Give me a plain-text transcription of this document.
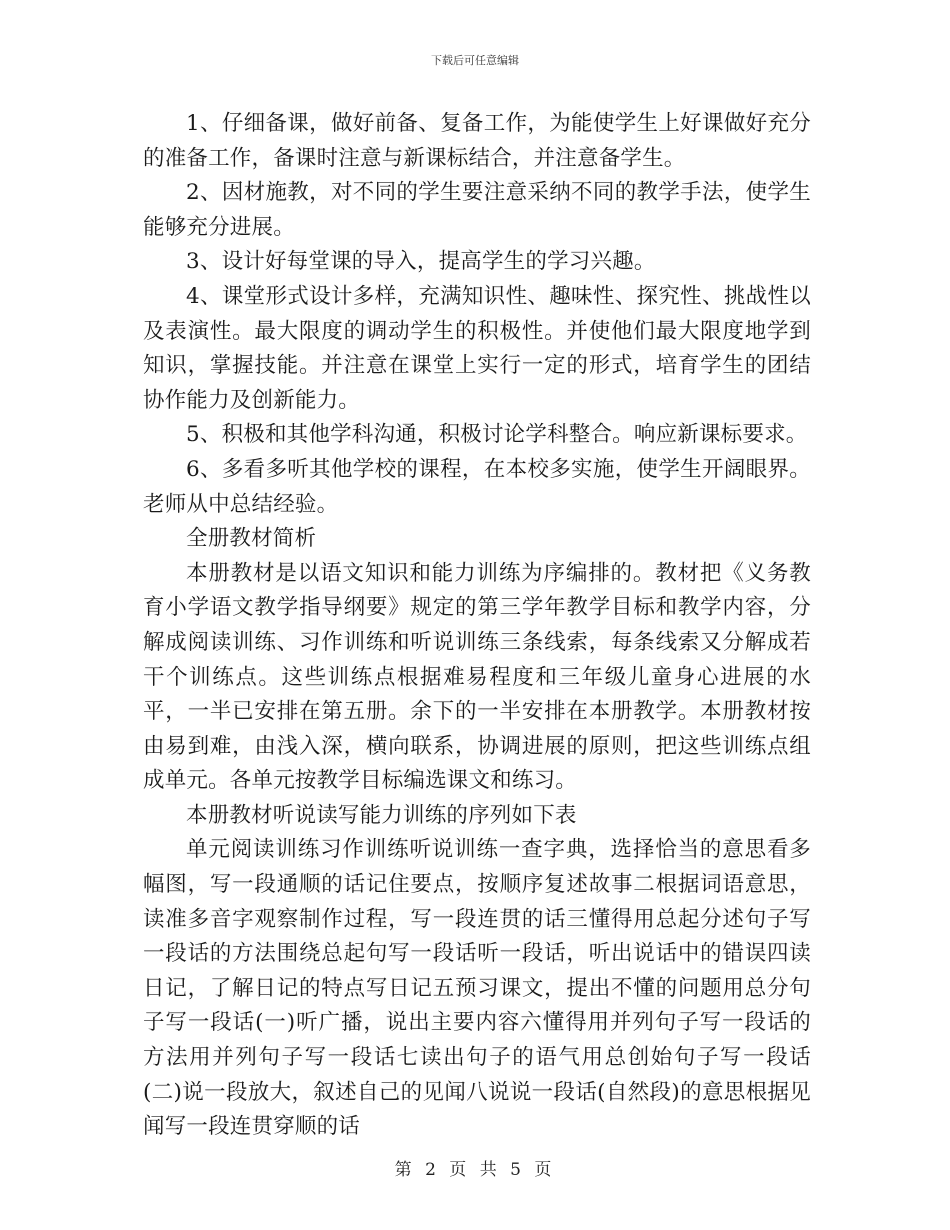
下载后可任意编辑

1、仔细备课，做好前备、复备工作，为能使学生上好课做好充分的准备工作，备课时注意与新课标结合，并注意备学生。

2、因材施教，对不同的学生要注意采纳不同的教学手法，使学生能够充分进展。

3、设计好每堂课的导入，提高学生的学习兴趣。

4、课堂形式设计多样，充满知识性、趣味性、探究性、挑战性以及表演性。最大限度的调动学生的积极性。并使他们最大限度地学到知识，掌握技能。并注意在课堂上实行一定的形式，培育学生的团结协作能力及创新能力。

5、积极和其他学科沟通，积极讨论学科整合。响应新课标要求。

6、多看多听其他学校的课程，在本校多实施，使学生开阔眼界。老师从中总结经验。

全册教材简析

本册教材是以语文知识和能力训练为序编排的。教材把《义务教育小学语文教学指导纲要》规定的第三学年教学目标和教学内容，分解成阅读训练、习作训练和听说训练三条线索，每条线索又分解成若干个训练点。这些训练点根据难易程度和三年级儿童身心进展的水平，一半已安排在第五册。余下的一半安排在本册教学。本册教材按由易到难，由浅入深，横向联系，协调进展的原则，把这些训练点组成单元。各单元按教学目标编选课文和练习。

本册教材听说读写能力训练的序列如下表

单元阅读训练习作训练听说训练一查字典，选择恰当的意思看多幅图，写一段通顺的话记住要点，按顺序复述故事二根据词语意思，读准多音字观察制作过程，写一段连贯的话三懂得用总起分述句子写一段话的方法围绕总起句写一段话听一段话，听出说话中的错误四读日记，了解日记的特点写日记五预习课文，提出不懂的问题用总分句子写一段话(一)听广播，说出主要内容六懂得用并列句子写一段话的方法用并列句子写一段话七读出句子的语气用总创始句子写一段话(二)说一段放大，叙述自己的见闻八说说一段话(自然段)的意思根据见闻写一段连贯穿顺的话

第 2 页 共 5 页
